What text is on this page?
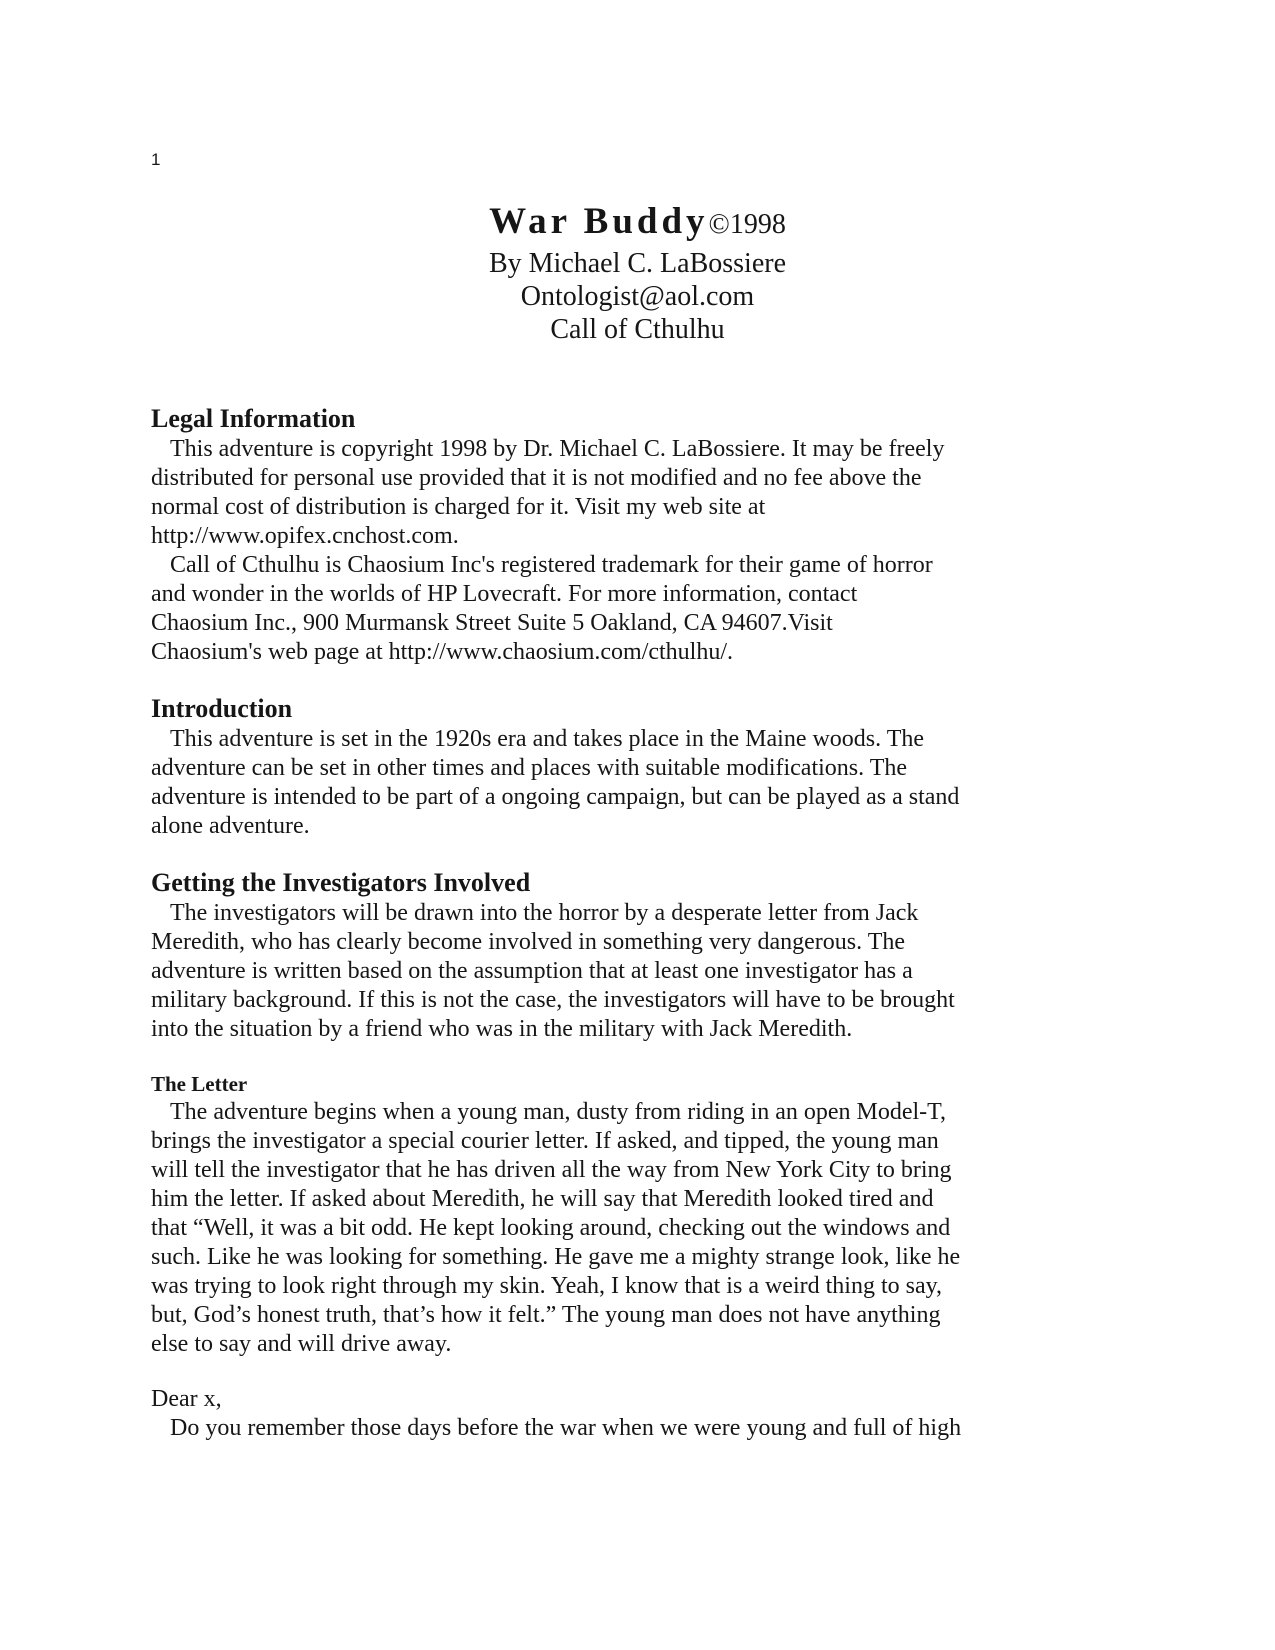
1
War Buddy©1998
By Michael C. LaBossiere
Ontologist@aol.com
Call of Cthulhu
Legal Information
This adventure is copyright 1998 by Dr. Michael C. LaBossiere. It may be freely
distributed for personal use provided that it is not modified and no fee above the
normal cost of distribution is charged for it. Visit my web site at
http://www.opifex.cnchost.com.
Call of Cthulhu is Chaosium Inc's registered trademark for their game of horror
and wonder in the worlds of HP Lovecraft. For more information, contact
Chaosium Inc., 900 Murmansk Street Suite 5 Oakland, CA 94607.Visit
Chaosium's web page at http://www.chaosium.com/cthulhu/.
Introduction
This adventure is set in the 1920s era and takes place in the Maine woods. The
adventure can be set in other times and places with suitable modifications. The
adventure is intended to be part of a ongoing campaign, but can be played as a stand
alone adventure.
Getting the Investigators Involved
The investigators will be drawn into the horror by a desperate letter from Jack
Meredith, who has clearly become involved in something very dangerous. The
adventure is written based on the assumption that at least one investigator has a
military background. If this is not the case, the investigators will have to be brought
into the situation by a friend who was in the military with Jack Meredith.
The Letter
The adventure begins when a young man, dusty from riding in an open Model-T,
brings the investigator a special courier letter. If asked, and tipped, the young man
will tell the investigator that he has driven all the way from New York City to bring
him the letter. If asked about Meredith, he will say that Meredith looked tired and
that “Well, it was a bit odd. He kept looking around, checking out the windows and
such. Like he was looking for something. He gave me a mighty strange look, like he
was trying to look right through my skin. Yeah, I know that is a weird thing to say,
but, God’s honest truth, that’s how it felt.” The young man does not have anything
else to say and will drive away.
Dear x,
Do you remember those days before the war when we were young and full of high
